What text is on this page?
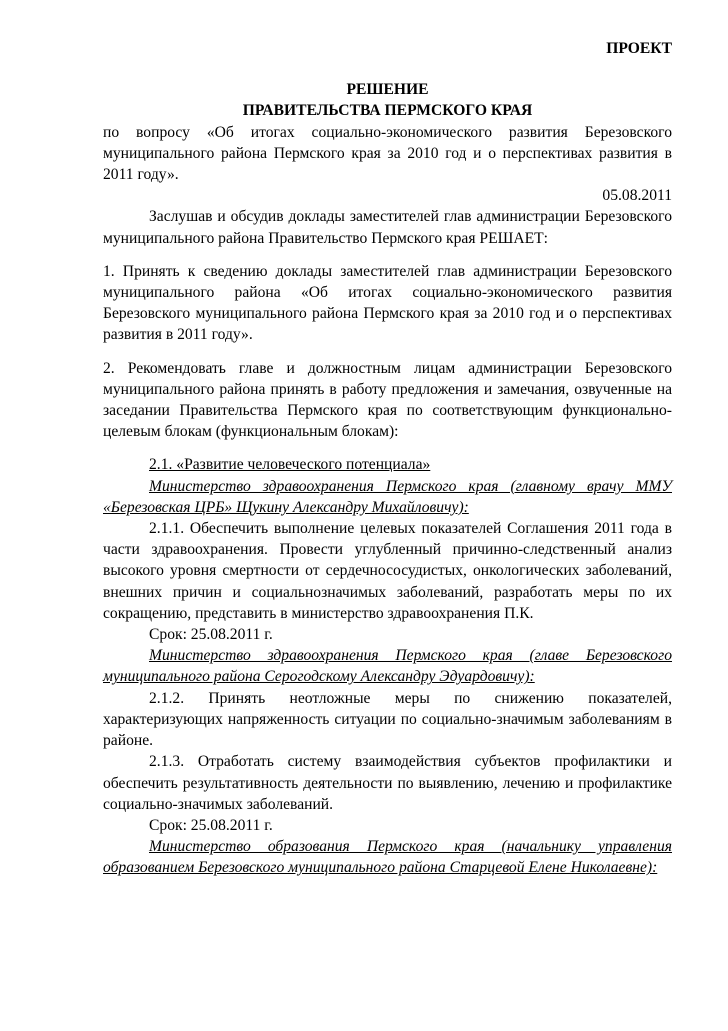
ПРОЕКТ

РЕШЕНИЕ

ПРАВИТЕЛЬСТВА ПЕРМСКОГО КРАЯ

по вопросу «Об итогах социально-экономического развития Березовского муниципального района Пермского края за 2010 год и о перспективах развития в 2011 году».

05.08.2011

Заслушав и обсудив доклады заместителей глав администрации Березовского муниципального района Правительство Пермского края РЕШАЕТ:

1. Принять к сведению доклады заместителей глав администрации Березовского муниципального района «Об итогах социально-экономического развития Березовского муниципального района Пермского края за 2010 год и о перспективах развития в 2011 году».

2. Рекомендовать главе и должностным лицам администрации Березовского муниципального района принять в работу предложения и замечания, озвученные на заседании Правительства Пермского края по соответствующим функционально-целевым блокам (функциональным блокам):

2.1. «Развитие человеческого потенциала»

Министерство здравоохранения Пермского края (главному врачу ММУ «Березовская ЦРБ» Щукину Александру Михайловичу):

2.1.1. Обеспечить выполнение целевых показателей Соглашения 2011 года в части здравоохранения. Провести углубленный причинно-следственный анализ высокого уровня смертности от сердечнососудистых, онкологических заболеваний, внешних причин и социальнозначимых заболеваний, разработать меры по их сокращению, представить в министерство здравоохранения П.К.

Срок: 25.08.2011 г.

Министерство здравоохранения Пермского края (главе Березовского муниципального района Серогодскому Александру Эдуардовичу):

2.1.2. Принять неотложные меры по снижению показателей, характеризующих напряженность ситуации по социально-значимым заболеваниям в районе.

2.1.3. Отработать систему взаимодействия субъектов профилактики и обеспечить результативность деятельности по выявлению, лечению и профилактике социально-значимых заболеваний.

Срок: 25.08.2011 г.

Министерство образования Пермского края (начальнику управления образованием Березовского муниципального района Старцевой Елене Николаевне):
